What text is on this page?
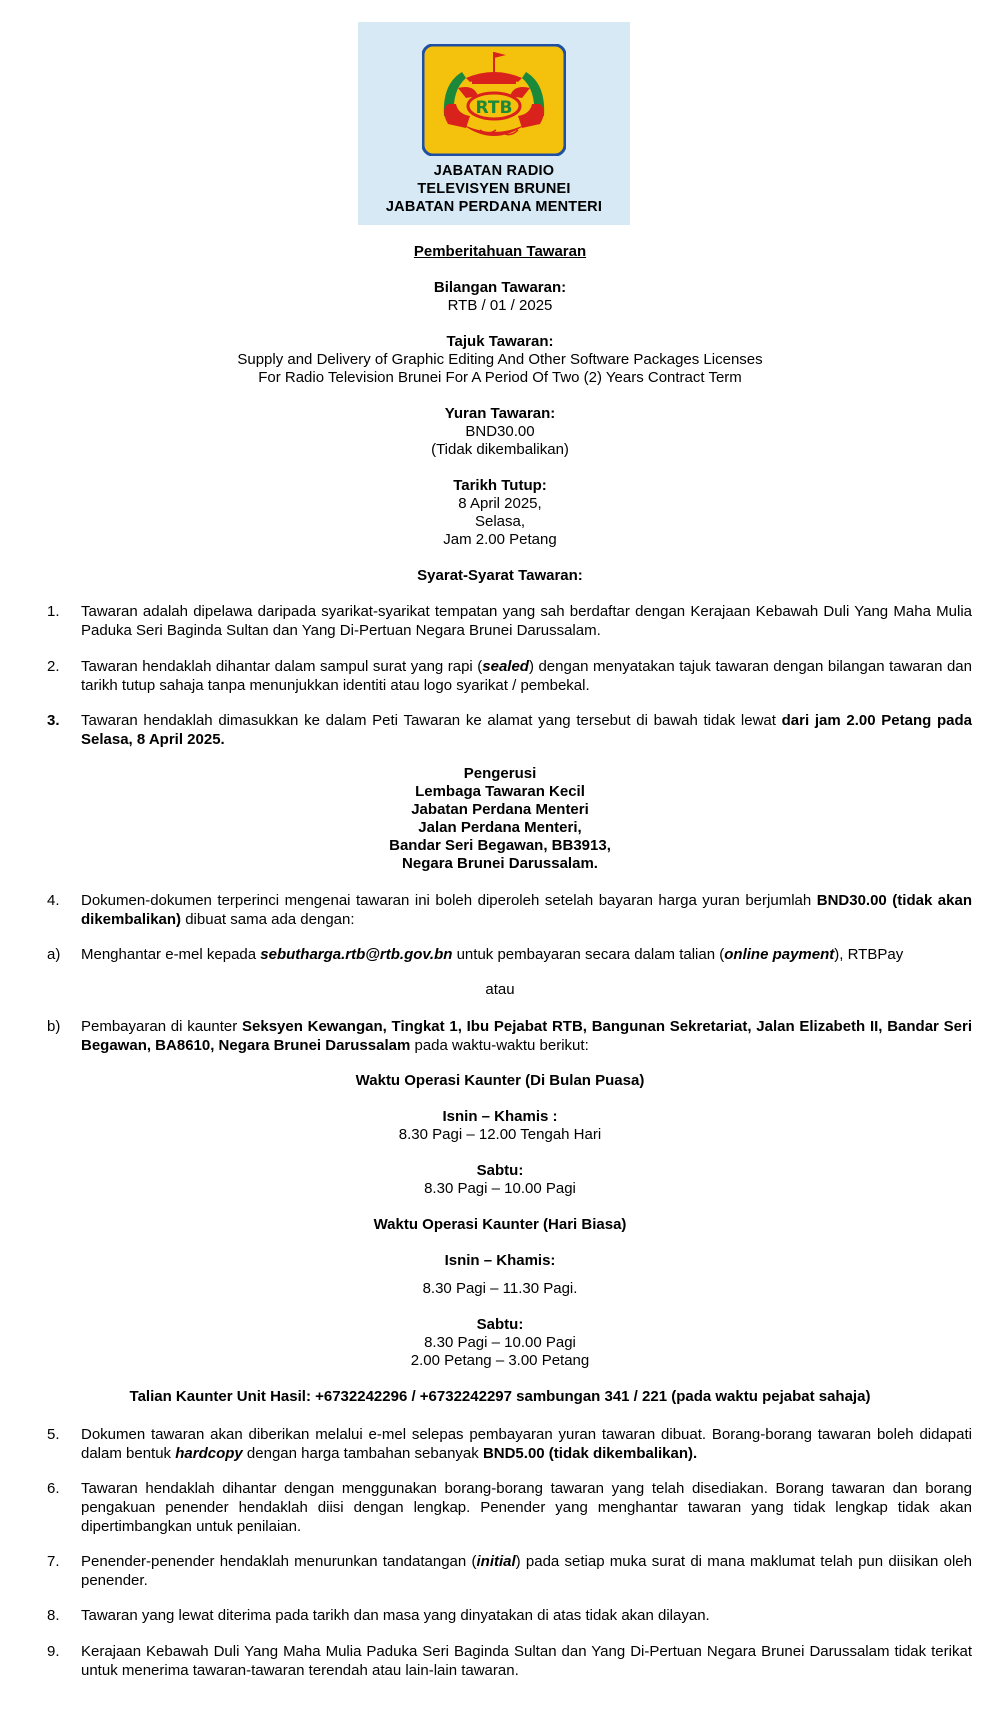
RTB
JABATAN RADIO
TELEVISYEN BRUNEI
JABATAN PERDANA MENTERI
Pemberitahuan Tawaran
Bilangan Tawaran:
RTB / 01 / 2025
Tajuk Tawaran:
Supply and Delivery of Graphic Editing And Other Software Packages Licenses
For Radio Television Brunei For A Period Of Two (2) Years Contract Term
Yuran Tawaran:
BND30.00
(Tidak dikembalikan)
Tarikh Tutup:
8 April 2025,
Selasa,
Jam 2.00 Petang
Syarat-Syarat Tawaran:
1. Tawaran adalah dipelawa daripada syarikat-syarikat tempatan yang sah berdaftar dengan Kerajaan Kebawah Duli Yang Maha Mulia Paduka Seri Baginda Sultan dan Yang Di-Pertuan Negara Brunei Darussalam.
2. Tawaran hendaklah dihantar dalam sampul surat yang rapi (sealed) dengan menyatakan tajuk tawaran dengan bilangan tawaran dan tarikh tutup sahaja tanpa menunjukkan identiti atau logo syarikat / pembekal.
3. Tawaran hendaklah dimasukkan ke dalam Peti Tawaran ke alamat yang tersebut di bawah tidak lewat dari jam 2.00 Petang pada Selasa, 8 April 2025.
Pengerusi
Lembaga Tawaran Kecil
Jabatan Perdana Menteri
Jalan Perdana Menteri,
Bandar Seri Begawan, BB3913,
Negara Brunei Darussalam.
4. Dokumen-dokumen terperinci mengenai tawaran ini boleh diperoleh setelah bayaran harga yuran berjumlah BND30.00 (tidak akan dikembalikan) dibuat sama ada dengan:
a) Menghantar e-mel kepada sebutharga.rtb@rtb.gov.bn untuk pembayaran secara dalam talian (online payment), RTBPay
atau
b) Pembayaran di kaunter Seksyen Kewangan, Tingkat 1, Ibu Pejabat RTB, Bangunan Sekretariat, Jalan Elizabeth II, Bandar Seri Begawan, BA8610, Negara Brunei Darussalam pada waktu-waktu berikut:
Waktu Operasi Kaunter (Di Bulan Puasa)
Isnin – Khamis :
8.30 Pagi – 12.00 Tengah Hari
Sabtu:
8.30 Pagi – 10.00 Pagi
Waktu Operasi Kaunter (Hari Biasa)
Isnin – Khamis:
8.30 Pagi – 11.30 Pagi.
Sabtu:
8.30 Pagi – 10.00 Pagi
2.00 Petang – 3.00 Petang
Talian Kaunter Unit Hasil: +6732242296 / +6732242297 sambungan 341 / 221 (pada waktu pejabat sahaja)
5. Dokumen tawaran akan diberikan melalui e-mel selepas pembayaran yuran tawaran dibuat. Borang-borang tawaran boleh didapati dalam bentuk hardcopy dengan harga tambahan sebanyak BND5.00 (tidak dikembalikan).
6. Tawaran hendaklah dihantar dengan menggunakan borang-borang tawaran yang telah disediakan. Borang tawaran dan borang pengakuan penender hendaklah diisi dengan lengkap. Penender yang menghantar tawaran yang tidak lengkap tidak akan dipertimbangkan untuk penilaian.
7. Penender-penender hendaklah menurunkan tandatangan (initial) pada setiap muka surat di mana maklumat telah pun diisikan oleh penender.
8. Tawaran yang lewat diterima pada tarikh dan masa yang dinyatakan di atas tidak akan dilayan.
9. Kerajaan Kebawah Duli Yang Maha Mulia Paduka Seri Baginda Sultan dan Yang Di-Pertuan Negara Brunei Darussalam tidak terikat untuk menerima tawaran-tawaran terendah atau lain-lain tawaran.
